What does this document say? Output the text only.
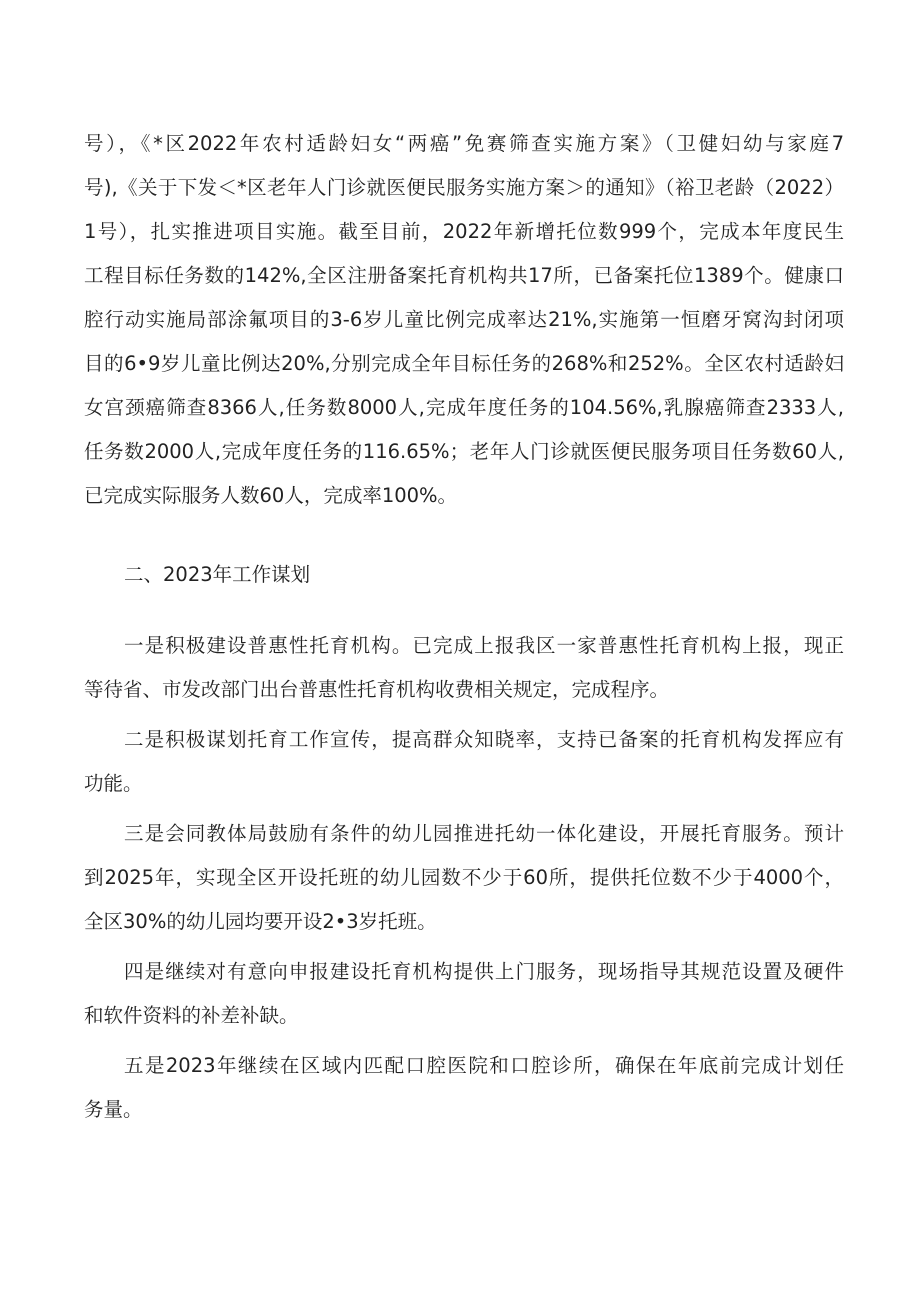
号），《*区2022年农村适龄妇女“两癌”免赛筛查实施方案》（卫健妇幼与家庭7
号),《关于下发＜*区老年人门诊就医便民服务实施方案＞的通知》（裕卫老龄（2022）
1号），扎实推进项目实施。截至目前，2022年新增托位数999个，完成本年度民生
工程目标任务数的142%,全区注册备案托育机构共17所，已备案托位1389个。健康口
腔行动实施局部涂氟项目的3-6岁儿童比例完成率达21%,实施第一恒磨牙窝沟封闭项
目的6•9岁儿童比例达20%,分别完成全年目标任务的268%和252%。全区农村适龄妇
女宫颈癌筛查8366人,任务数8000人,完成年度任务的104.56%,乳腺癌筛查2333人,
任务数2000人,完成年度任务的116.65%；老年人门诊就医便民服务项目任务数60人,
已完成实际服务人数60人，完成率100%。
二、2023年工作谋划
一是积极建设普惠性托育机构。已完成上报我区一家普惠性托育机构上报，现正
等待省、市发改部门出台普惠性托育机构收费相关规定，完成程序。
二是积极谋划托育工作宣传，提高群众知晓率，支持已备案的托育机构发挥应有
功能。
三是会同教体局鼓励有条件的幼儿园推进托幼一体化建设，开展托育服务。预计
到2025年，实现全区开设托班的幼儿园数不少于60所，提供托位数不少于4000个，
全区30%的幼儿园均要开设2•3岁托班。
四是继续对有意向申报建设托育机构提供上门服务，现场指导其规范设置及硬件
和软件资料的补差补缺。
五是2023年继续在区域内匹配口腔医院和口腔诊所，确保在年底前完成计划任
务量。
